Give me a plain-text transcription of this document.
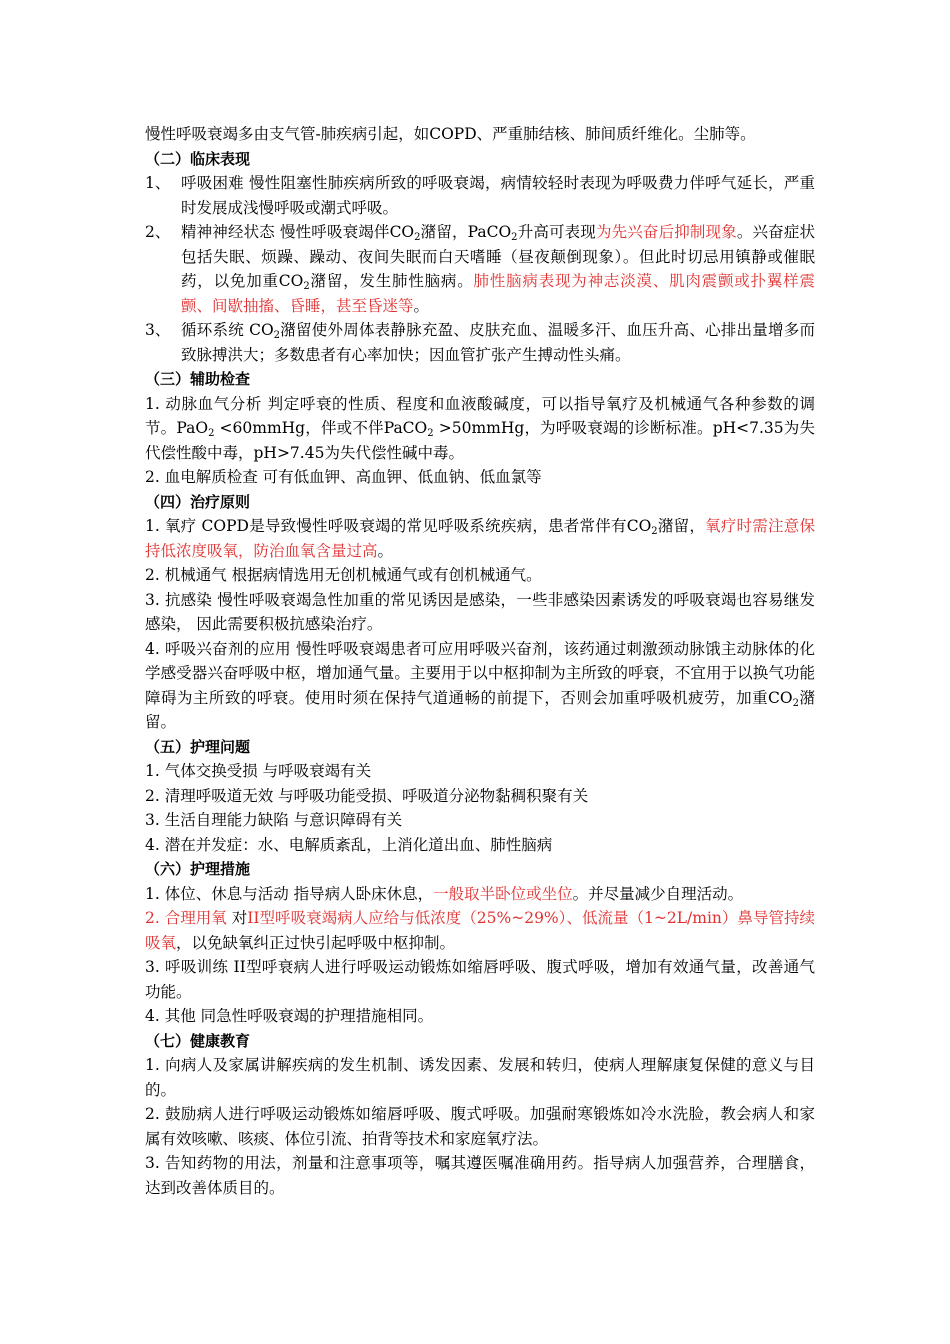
慢性呼吸衰竭多由支气管-肺疾病引起，如COPD、严重肺结核、肺间质纤维化。尘肺等。

（二）临床表现

1、 呼吸困难 慢性阻塞性肺疾病所致的呼吸衰竭，病情较轻时表现为呼吸费力伴呼气延长，严重时发展成浅慢呼吸或潮式呼吸。
2、 精神神经状态 慢性呼吸衰竭伴$CO_2$潴留，PaCO$_2$升高可表现为先兴奋后抑制现象。兴奋症状包括失眠、烦躁、躁动、夜间失眠而白天嗜睡（昼夜颠倒现象）。但此时切忌用镇静或催眠药，以免加重$CO_2$潴留，发生肺性脑病。肺性脑病表现为神志淡漠、肌肉震颤或扑翼样震颤、间歇抽搐、昏睡，甚至昏迷等。
3、 循环系统 $CO_2$潴留使外周体表静脉充盈、皮肤充血、温暖多汗、血压升高、心排出量增多而致脉搏洪大；多数患者有心率加快；因血管扩张产生搏动性头痛。

（三）辅助检查

1. 动脉血气分析 判定呼衰的性质、程度和血液酸碱度，可以指导氧疗及机械通气各种参数的调节。PaO$_2$ <60mmHg，伴或不伴PaCO$_2$ >50mmHg，为呼吸衰竭的诊断标准。pH<7.35为失代偿性酸中毒，pH>7.45为失代偿性碱中毒。

2. 血电解质检查 可有低血钾、高血钾、低血钠、低血氯等

（四）治疗原则

1. 氧疗 COPD是导致慢性呼吸衰竭的常见呼吸系统疾病，患者常伴有$CO_2$潴留，氧疗时需注意保持低浓度吸氧，防治血氧含量过高。

2. 机械通气 根据病情选用无创机械通气或有创机械通气。

3. 抗感染 慢性呼吸衰竭急性加重的常见诱因是感染，一些非感染因素诱发的呼吸衰竭也容易继发感染， 因此需要积极抗感染治疗。

4. 呼吸兴奋剂的应用 慢性呼吸衰竭患者可应用呼吸兴奋剂，该药通过刺激颈动脉饿主动脉体的化学感受器兴奋呼吸中枢，增加通气量。主要用于以中枢抑制为主所致的呼衰，不宜用于以换气功能障碍为主所致的呼衰。使用时须在保持气道通畅的前提下，否则会加重呼吸机疲劳，加重$CO_2$潴留。

（五）护理问题

1. 气体交换受损 与呼吸衰竭有关

2. 清理呼吸道无效 与呼吸功能受损、呼吸道分泌物黏稠积聚有关

3. 生活自理能力缺陷 与意识障碍有关

4. 潜在并发症：水、电解质紊乱，上消化道出血、肺性脑病

（六）护理措施

1. 体位、休息与活动 指导病人卧床休息，一般取半卧位或坐位。并尽量减少自理活动。

2. 合理用氧 对II型呼吸衰竭病人应给与低浓度（25%~29%）、低流量（1~2L/min）鼻导管持续吸氧，以免缺氧纠正过快引起呼吸中枢抑制。

3. 呼吸训练 II型呼衰病人进行呼吸运动锻炼如缩唇呼吸、腹式呼吸，增加有效通气量，改善通气功能。

4. 其他 同急性呼吸衰竭的护理措施相同。

（七）健康教育

1. 向病人及家属讲解疾病的发生机制、诱发因素、发展和转归，使病人理解康复保健的意义与目的。

2. 鼓励病人进行呼吸运动锻炼如缩唇呼吸、腹式呼吸。加强耐寒锻炼如冷水洗脸，教会病人和家属有效咳嗽、咳痰、体位引流、拍背等技术和家庭氧疗法。

3. 告知药物的用法，剂量和注意事项等，嘱其遵医嘱准确用药。指导病人加强营养，合理膳食，达到改善体质目的。
